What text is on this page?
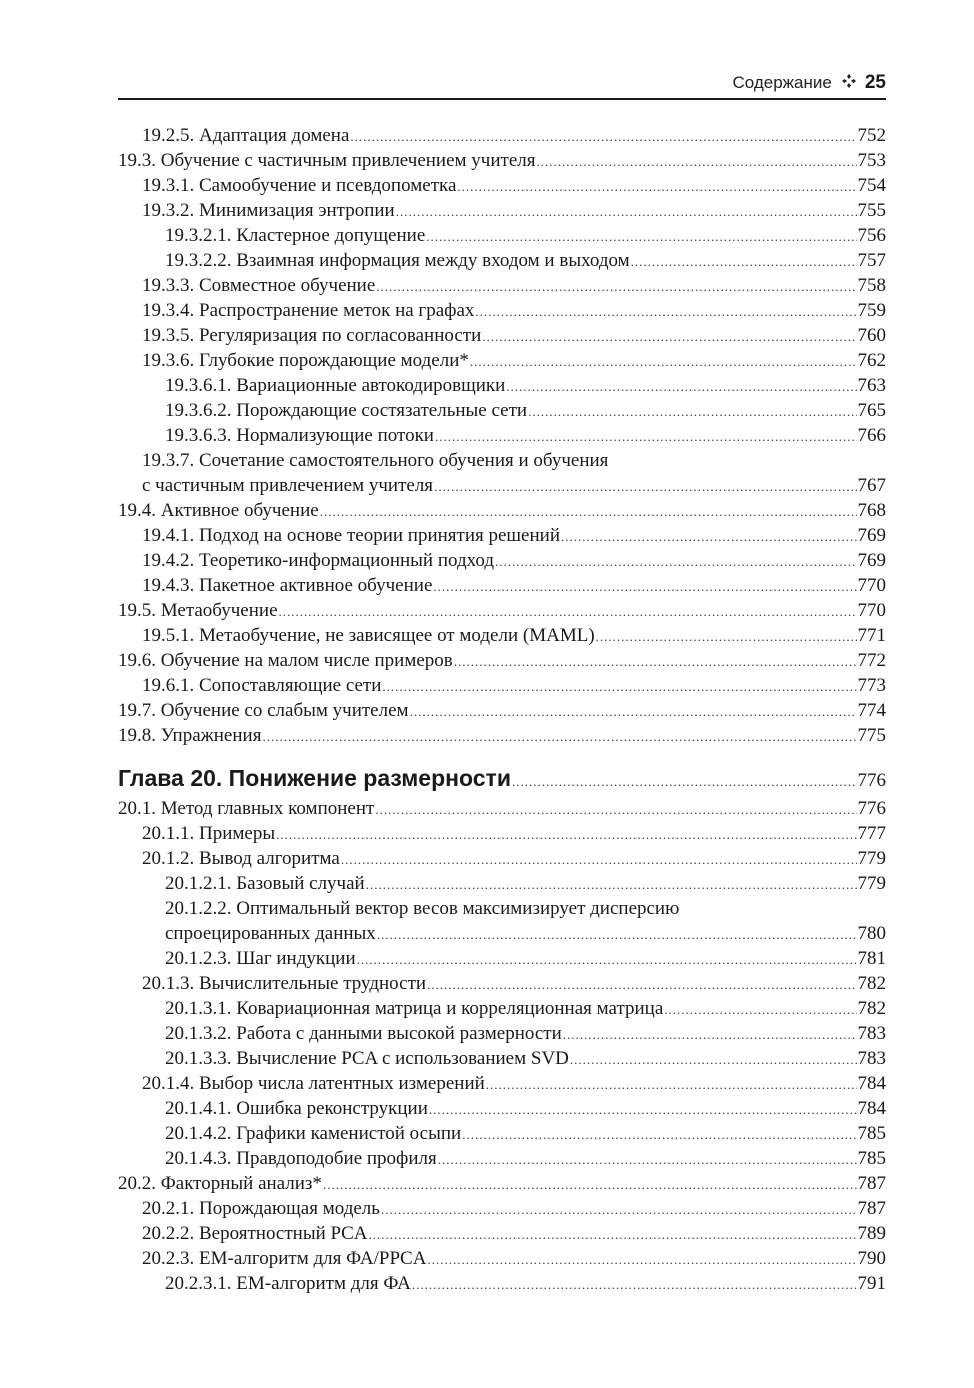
Содержание 25
19.2.5. Адаптация домена .....	752
19.3. Обучение с частичным привлечением учителя .....	753
19.3.1. Самообучение и псевдопометка .....	754
19.3.2. Минимизация энтропии .....	755
19.3.2.1. Кластерное допущение .....	756
19.3.2.2. Взаимная информация между входом и выходом .....	757
19.3.3. Совместное обучение .....	758
19.3.4. Распространение меток на графах .....	759
19.3.5. Регуляризация по согласованности .....	760
19.3.6. Глубокие порождающие модели* .....	762
19.3.6.1. Вариационные автокодировщики .....	763
19.3.6.2. Порождающие состязательные сети .....	765
19.3.6.3. Нормализующие потоки .....	766
19.3.7. Сочетание самостоятельного обучения и обучения
с частичным привлечением учителя .....	767
19.4. Активное обучение .....	768
19.4.1. Подход на основе теории принятия решений .....	769
19.4.2. Теоретико-информационный подход .....	769
19.4.3. Пакетное активное обучение .....	770
19.5. Метаобучение .....	770
19.5.1. Метаобучение, не зависящее от модели (MAML) .....	771
19.6. Обучение на малом числе примеров .....	772
19.6.1. Сопоставляющие сети .....	773
19.7. Обучение со слабым учителем .....	774
19.8. Упражнения .....	775
Глава 20. Понижение размерности .....	776
20.1. Метод главных компонент .....	776
20.1.1. Примеры .....	777
20.1.2. Вывод алгоритма .....	779
20.1.2.1. Базовый случай .....	779
20.1.2.2. Оптимальный вектор весов максимизирует дисперсию
спроецированных данных .....	780
20.1.2.3. Шаг индукции .....	781
20.1.3. Вычислительные трудности .....	782
20.1.3.1. Ковариационная матрица и корреляционная матрица .....	782
20.1.3.2. Работа с данными высокой размерности .....	783
20.1.3.3. Вычисление PCA с использованием SVD .....	783
20.1.4. Выбор числа латентных измерений .....	784
20.1.4.1. Ошибка реконструкции .....	784
20.1.4.2. Графики каменистой осыпи .....	785
20.1.4.3. Правдоподобие профиля .....	785
20.2. Факторный анализ* .....	787
20.2.1. Порождающая модель .....	787
20.2.2. Вероятностный PCA .....	789
20.2.3. EM-алгоритм для ФА/PPCA .....	790
20.2.3.1. EM-алгоритм для ФА .....	791
